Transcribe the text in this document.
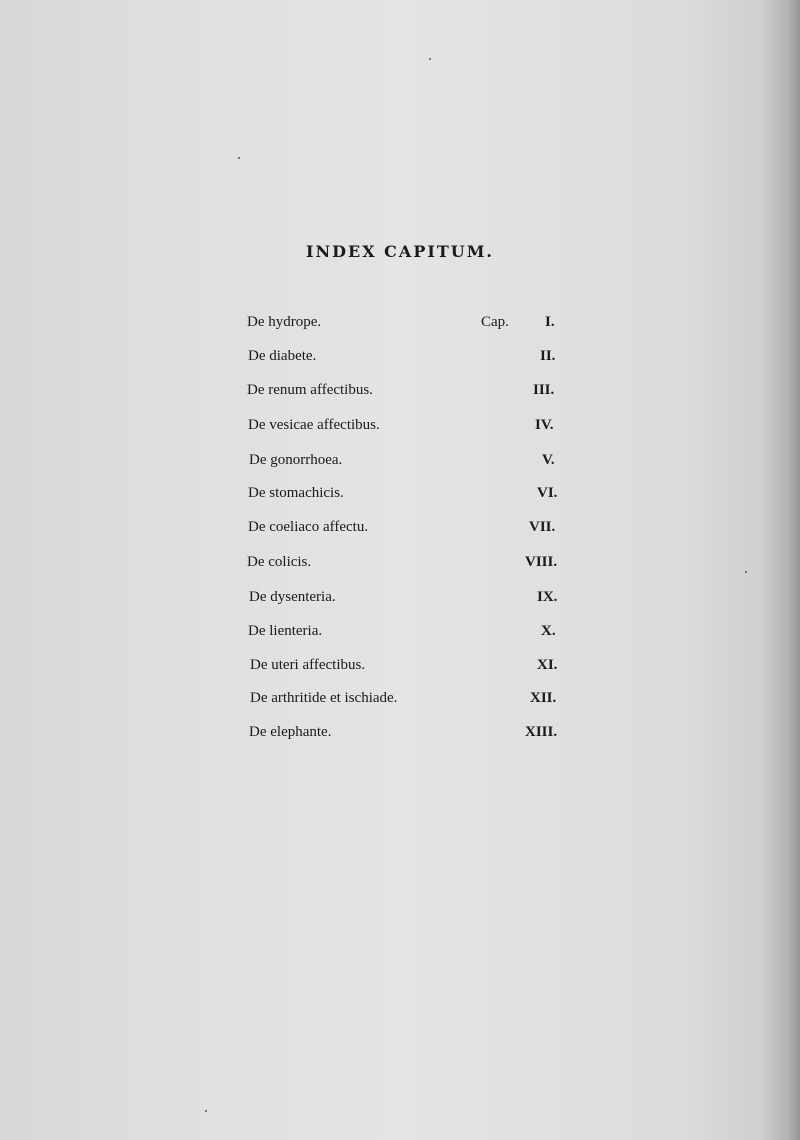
INDEX CAPITUM.
De hydrope.	Cap. I.
De diabete.	II.
De renum affectibus.	III.
De vesicae affectibus.	IV.
De gonorrhoea.	V.
De stomachicis.	VI.
De coeliaco affectu.	VII.
De colicis.	VIII.
De dysenteria.	IX.
De lienteria.	X.
De uteri affectibus.	XI.
De arthritide et ischiade.	XII.
De elephante.	XIII.
